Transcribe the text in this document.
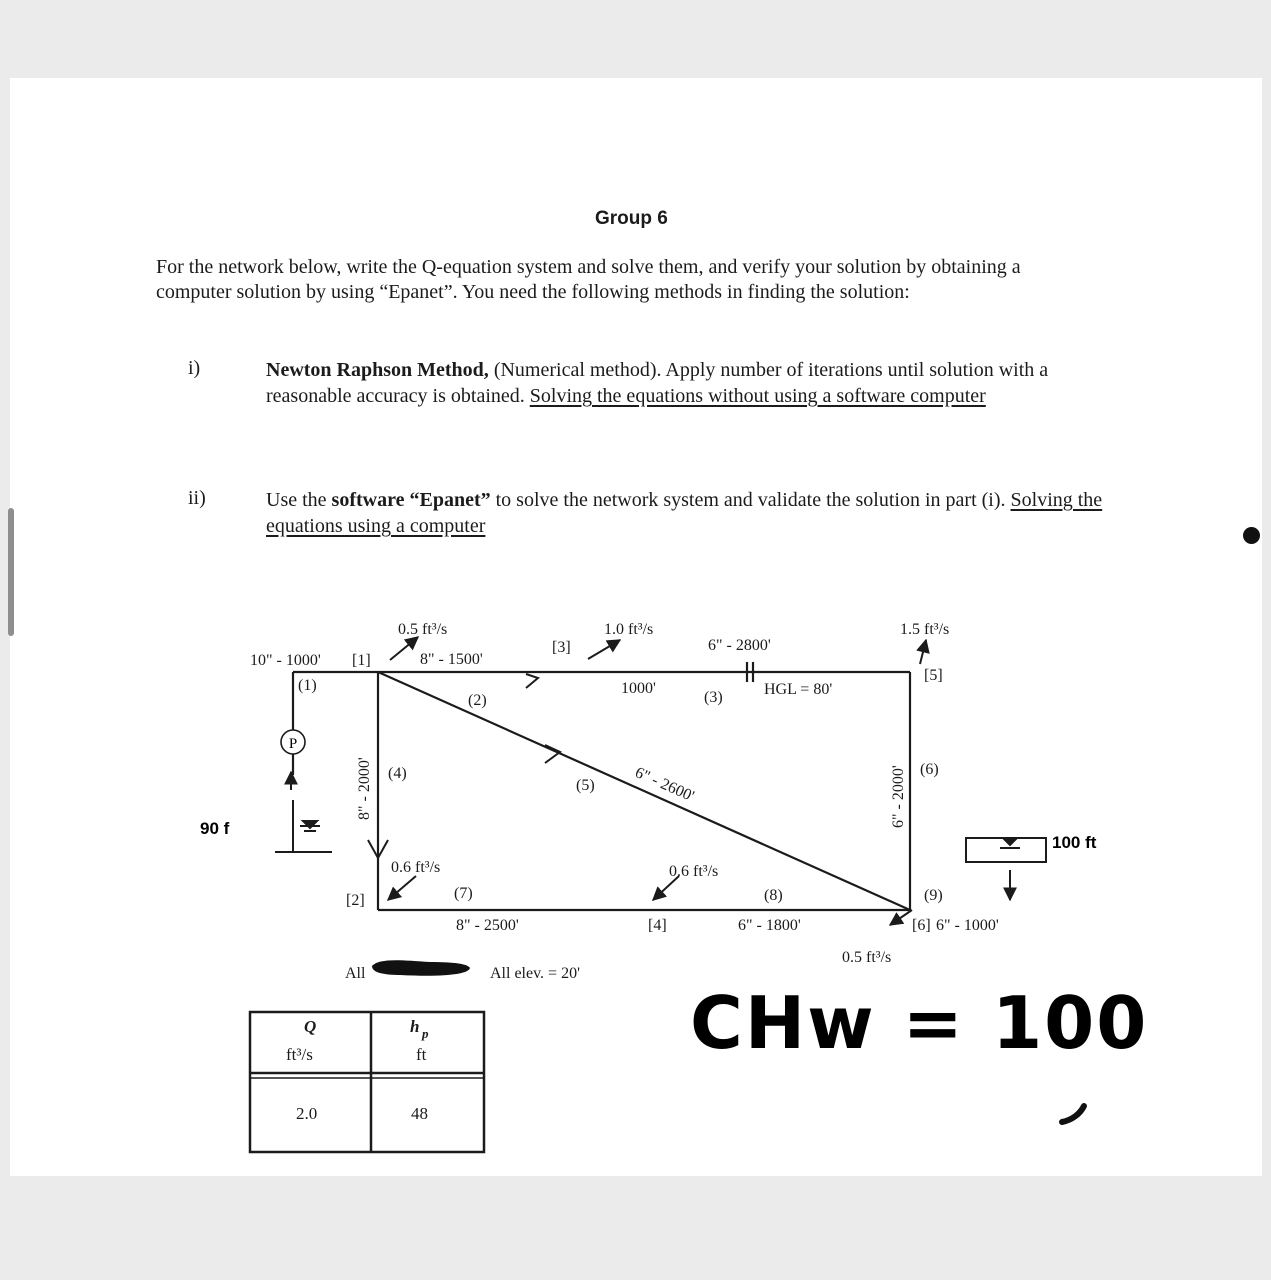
Group 6
For the network below, write the Q-equation system and solve them, and verify your solution by obtaining a computer solution by using “Epanet”. You need the following methods in finding the solution:
i)	Newton Raphson Method, (Numerical method). Apply number of iterations until solution with a reasonable accuracy is obtained. Solving the equations without using a software computer
ii)	Use the software “Epanet” to solve the network system and validate the solution in part (i). Solving the equations using a computer
P
0.5 ft³/s	1.0 ft³/s	1.5 ft³/s
0.6 ft³/s	0.6 ft³/s
0.5 ft³/s
10" - 1000' [1]
(1)
8" - 1500'
(2)
[3]	6" - 2800'
1000'
(3)	HGL = 80'
[5]
(4)
(5)
(6)
(7)	(8)	(9)
[2]
8" - 2500'	[4]	6" - 1800'	[6] 6" - 1000'
All	All elev. = 20'
8" - 2000'	6" - 2000'
6" - 2600'
90 f
100 ft
CHw = 100
Q
ft³/s
h p
ft
2.0	48
